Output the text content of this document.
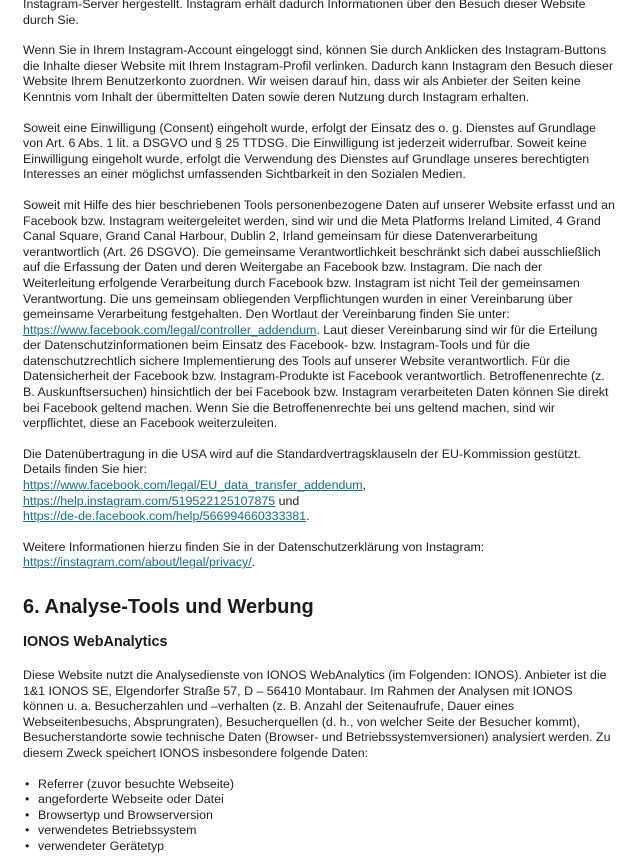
Instagram-Server hergestellt. Instagram erhält dadurch Informationen über den Besuch dieser Website durch Sie.

Wenn Sie in Ihrem Instagram-Account eingeloggt sind, können Sie durch Anklicken des Instagram-Buttons die Inhalte dieser Website mit Ihrem Instagram-Profil verlinken. Dadurch kann Instagram den Besuch dieser Website Ihrem Benutzerkonto zuordnen. Wir weisen darauf hin, dass wir als Anbieter der Seiten keine Kenntnis vom Inhalt der übermittelten Daten sowie deren Nutzung durch Instagram erhalten.

Soweit eine Einwilligung (Consent) eingeholt wurde, erfolgt der Einsatz des o. g. Dienstes auf Grundlage von Art. 6 Abs. 1 lit. a DSGVO und § 25 TTDSG. Die Einwilligung ist jederzeit widerrufbar. Soweit keine Einwilligung eingeholt wurde, erfolgt die Verwendung des Dienstes auf Grundlage unseres berechtigten Interesses an einer möglichst umfassenden Sichtbarkeit in den Sozialen Medien.

Soweit mit Hilfe des hier beschriebenen Tools personenbezogene Daten auf unserer Website erfasst und an Facebook bzw. Instagram weitergeleitet werden, sind wir und die Meta Platforms Ireland Limited, 4 Grand Canal Square, Grand Canal Harbour, Dublin 2, Irland gemeinsam für diese Datenverarbeitung verantwortlich (Art. 26 DSGVO). Die gemeinsame Verantwortlichkeit beschränkt sich dabei ausschließlich auf die Erfassung der Daten und deren Weitergabe an Facebook bzw. Instagram. Die nach der Weiterleitung erfolgende Verarbeitung durch Facebook bzw. Instagram ist nicht Teil der gemeinsamen Verantwortung. Die uns gemeinsam obliegenden Verpflichtungen wurden in einer Vereinbarung über gemeinsame Verarbeitung festgehalten. Den Wortlaut der Vereinbarung finden Sie unter: https://www.facebook.com/legal/controller_addendum. Laut dieser Vereinbarung sind wir für die Erteilung der Datenschutzinformationen beim Einsatz des Facebook- bzw. Instagram-Tools und für die datenschutzrechtlich sichere Implementierung des Tools auf unserer Website verantwortlich. Für die Datensicherheit der Facebook bzw. Instagram-Produkte ist Facebook verantwortlich. Betroffenenrechte (z. B. Auskunftsersuchen) hinsichtlich der bei Facebook bzw. Instagram verarbeiteten Daten können Sie direkt bei Facebook geltend machen. Wenn Sie die Betroffenenrechte bei uns geltend machen, sind wir verpflichtet, diese an Facebook weiterzuleiten.

Die Datenübertragung in die USA wird auf die Standardvertragsklauseln der EU-Kommission gestützt. Details finden Sie hier:
https://www.facebook.com/legal/EU_data_transfer_addendum,
https://help.instagram.com/519522125107875 und
https://de-de.facebook.com/help/566994660333381.

Weitere Informationen hierzu finden Sie in der Datenschutzerklärung von Instagram:
https://instagram.com/about/legal/privacy/.

6. Analyse-Tools und Werbung
IONOS WebAnalytics

Diese Website nutzt die Analysedienste von IONOS WebAnalytics (im Folgenden: IONOS). Anbieter ist die 1&1 IONOS SE, Elgendorfer Straße 57, D – 56410 Montabaur. Im Rahmen der Analysen mit IONOS können u. a. Besucherzahlen und –verhalten (z. B. Anzahl der Seitenaufrufe, Dauer eines Webseitenbesuchs, Absprungraten), Besucherquellen (d. h., von welcher Seite der Besucher kommt), Besucherstandorte sowie technische Daten (Browser- und Betriebssystemversionen) analysiert werden. Zu diesem Zweck speichert IONOS insbesondere folgende Daten:

• Referrer (zuvor besuchte Webseite)
• angeforderte Webseite oder Datei
• Browsertyp und Browserversion
• verwendetes Betriebssystem
• verwendeter Gerätetyp
